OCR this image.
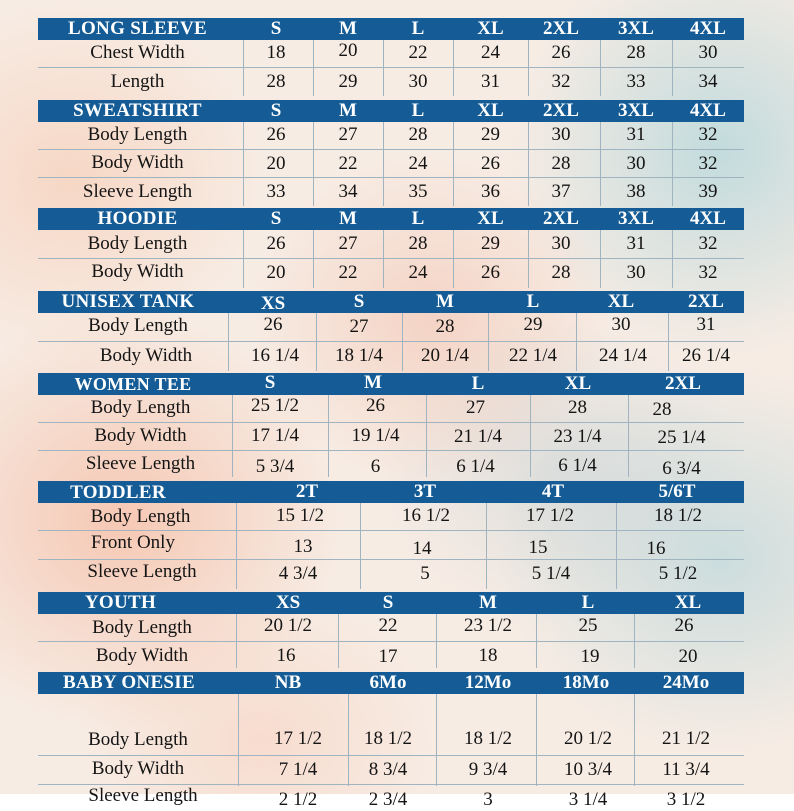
LONG SLEEVE	S	M	L	XL	2XL	3XL	4XL
Chest Width	18	20	22	24	26	28	30
Length	28	29	30	31	32	33	34
SWEATSHIRT	S	M	L	XL	2XL	3XL	4XL
Body Length	26	27	28	29	30	31	32
Body Width	20	22	24	26	28	30	32
Sleeve Length	33	34	35	36	37	38	39
HOODIE	S	M	L	XL	2XL	3XL	4XL
Body Length	26	27	28	29	30	31	32
Body Width	20	22	24	26	28	30	32
UNISEX TANK	XS	S	M	L	XL	2XL
Body Length	26	27	28	29	30	31
Body Width	16 1/4	18 1/4	20 1/4	22 1/4	24 1/4	26 1/4
WOMEN TEE	S	M	L	XL	2XL
Body Length	25 1/2	26	27	28	28
Body Width	17 1/4	19 1/4	21 1/4	23 1/4	25 1/4
Sleeve Length	5 3/4	6	6 1/4	6 1/4	6 3/4
TODDLER	2T	3T	4T	5/6T
Body Length	15 1/2	16 1/2	17 1/2	18 1/2
Front Only	13	14	15	16
Sleeve Length	4 3/4	5	5 1/4	5 1/2
YOUTH	XS	S	M	L	XL
Body Length	20 1/2	22	23 1/2	25	26
Body Width	16	17	18	19	20
BABY ONESIE	NB	6Mo	12Mo	18Mo	24Mo
Body Length	17 1/2	18 1/2	18 1/2	20 1/2	21 1/2
Body Width	7 1/4	8 3/4	9 3/4	10 3/4	11 3/4
Sleeve Length	2 1/2	2 3/4	3	3 1/4	3 1/2
